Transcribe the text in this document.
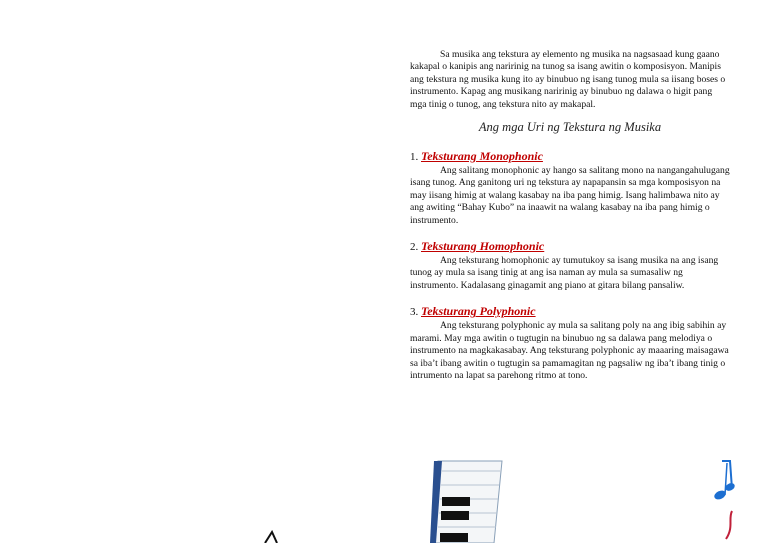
Sa musika ang tekstura ay elemento ng musika na nagsasaad kung gaano kakapal o kanipis ang naririnig na tunog sa isang awitin o komposisyon. Manipis ang tekstura ng musika kung ito ay binubuo ng isang tunog mula sa iisang boses o instrumento. Kapag ang musikang naririnig ay binubuo ng dalawa o higit pang mga tinig o tunog, ang tekstura nito ay makapal.

Ang mga Uri ng Tekstura ng Musika
1. Teksturang Monophonic

Ang salitang monophonic ay hango sa salitang mono na nangangahulugang isang tunog. Ang ganitong uri ng tekstura ay napapansin sa mga komposisyon na may iisang himig at walang kasabay na iba pang himig. Isang halimbawa nito ay ang awiting “Bahay Kubo” na inaawit na walang kasabay na iba pang himig o instrumento.

2. Teksturang Homophonic

Ang teksturang homophonic ay tumutukoy sa isang musika na ang isang tunog ay mula sa isang tinig at ang isa naman ay mula sa sumasaliw ng instrumento. Kadalasang ginagamit ang piano at gitara bilang pansaliw.

3. Teksturang Polyphonic

Ang teksturang polyphonic ay mula sa salitang poly na ang ibig sabihin ay marami. May mga awitin o tugtugin na binubuo ng sa dalawa pang melodiya o instrumento na magkakasabay. Ang teksturang polyphonic ay maaaring maisagawa sa iba’t ibang awitin o tugtugin sa pamamagitan ng pagsaliw ng iba’t ibang tinig o intrumento na lapat sa parehong ritmo at tono.
